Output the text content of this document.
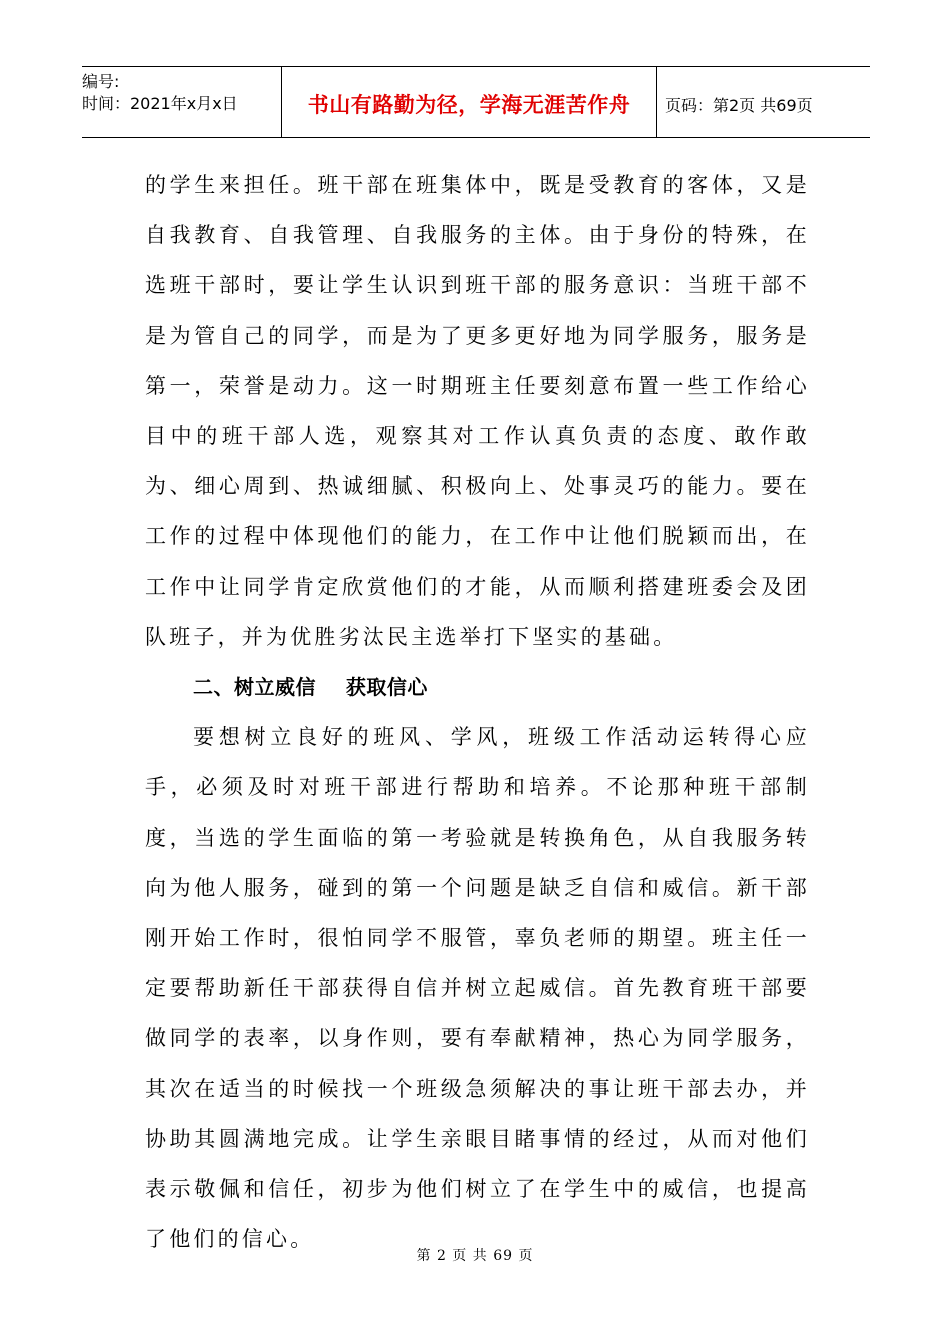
编号:
时间：2021年x月x日	书山有路勤为径，学海无涯苦作舟	页码：第2页 共69页

的学生来担任。班干部在班集体中，既是受教育的客体，又是自我教育、自我管理、自我服务的主体。由于身份的特殊，在选班干部时，要让学生认识到班干部的服务意识：当班干部不是为管自己的同学，而是为了更多更好地为同学服务，服务是第一，荣誉是动力。这一时期班主任要刻意布置一些工作给心目中的班干部人选，观察其对工作认真负责的态度、敢作敢为、细心周到、热诚细腻、积极向上、处事灵巧的能力。要在工作的过程中体现他们的能力，在工作中让他们脱颖而出，在工作中让同学肯定欣赏他们的才能，从而顺利搭建班委会及团队班子，并为优胜劣汰民主选举打下坚实的基础。

二、树立威信    获取信心

要想树立良好的班风、学风，班级工作活动运转得心应手，必须及时对班干部进行帮助和培养。不论那种班干部制度，当选的学生面临的第一考验就是转换角色，从自我服务转向为他人服务，碰到的第一个问题是缺乏自信和威信。新干部刚开始工作时，很怕同学不服管，辜负老师的期望。班主任一定要帮助新任干部获得自信并树立起威信。首先教育班干部要做同学的表率，以身作则，要有奉献精神，热心为同学服务，其次在适当的时候找一个班级急须解决的事让班干部去办，并协助其圆满地完成。让学生亲眼目睹事情的经过，从而对他们表示敬佩和信任，初步为他们树立了在学生中的威信，也提高了他们的信心。

第 2 页 共 69 页
